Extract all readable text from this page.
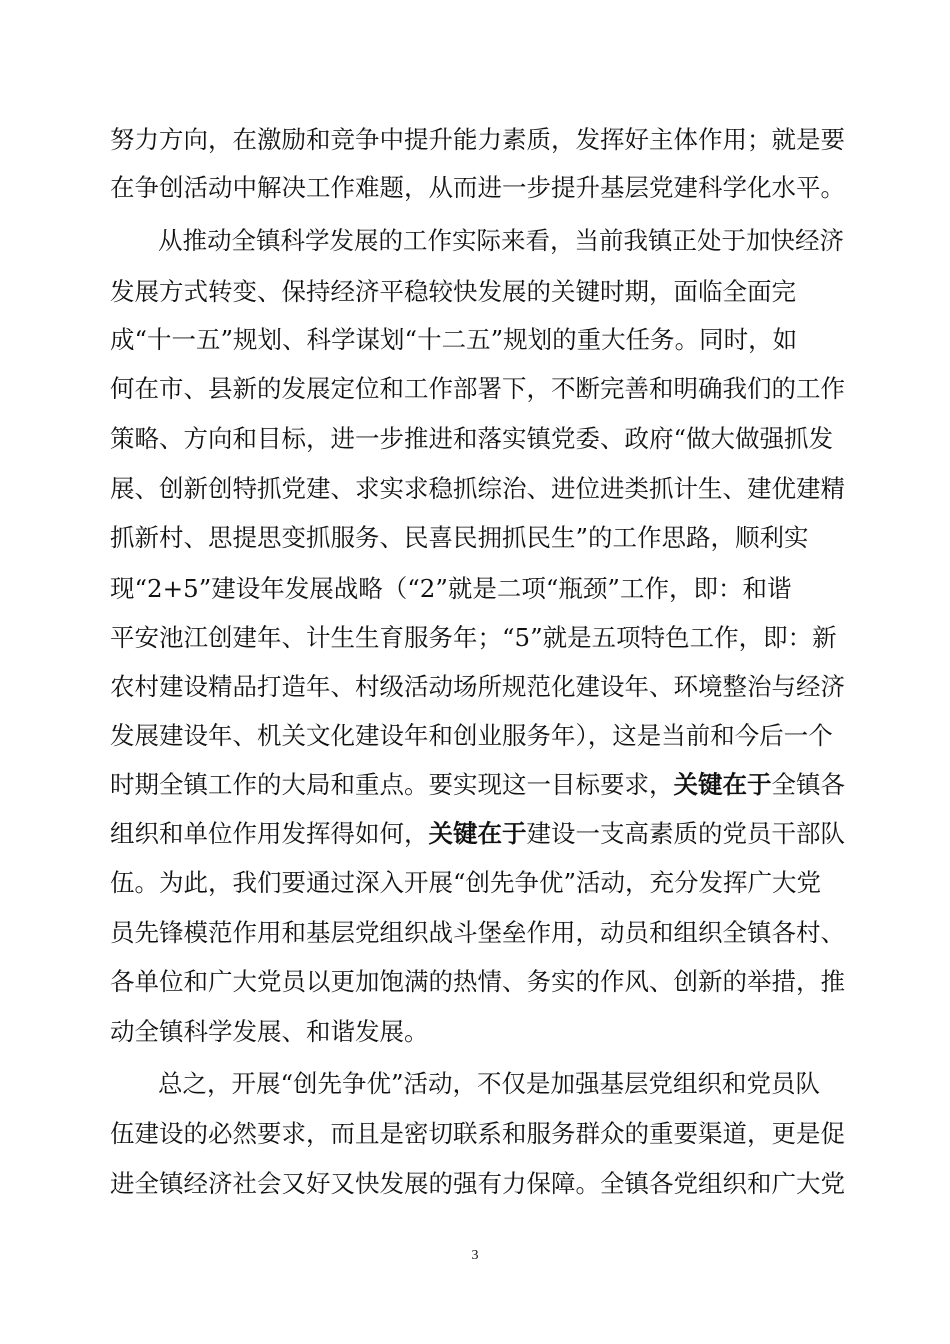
努力方向，在激励和竞争中提升能力素质，发挥好主体作用；就是要
在争创活动中解决工作难题，从而进一步提升基层党建科学化水平。
从推动全镇科学发展的工作实际来看，当前我镇正处于加快经济
发展方式转变、保持经济平稳较快发展的关键时期，面临全面完
成“十一五”规划、科学谋划“十二五”规划的重大任务。同时，如
何在市、县新的发展定位和工作部署下，不断完善和明确我们的工作
策略、方向和目标，进一步推进和落实镇党委、政府“做大做强抓发
展、创新创特抓党建、求实求稳抓综治、进位进类抓计生、建优建精
抓新村、思提思变抓服务、民喜民拥抓民生”的工作思路，顺利实
现“2+5”建设年发展战略（“2”就是二项“瓶颈”工作，即：和谐
平安池江创建年、计生生育服务年；“5”就是五项特色工作，即：新
农村建设精品打造年、村级活动场所规范化建设年、环境整治与经济
发展建设年、机关文化建设年和创业服务年），这是当前和今后一个
时期全镇工作的大局和重点。要实现这一目标要求，关键在于全镇各
组织和单位作用发挥得如何，关键在于建设一支高素质的党员干部队
伍。为此，我们要通过深入开展“创先争优”活动，充分发挥广大党
员先锋模范作用和基层党组织战斗堡垒作用，动员和组织全镇各村、
各单位和广大党员以更加饱满的热情、务实的作风、创新的举措，推
动全镇科学发展、和谐发展。
总之，开展“创先争优”活动，不仅是加强基层党组织和党员队
伍建设的必然要求，而且是密切联系和服务群众的重要渠道，更是促
进全镇经济社会又好又快发展的强有力保障。全镇各党组织和广大党
3
